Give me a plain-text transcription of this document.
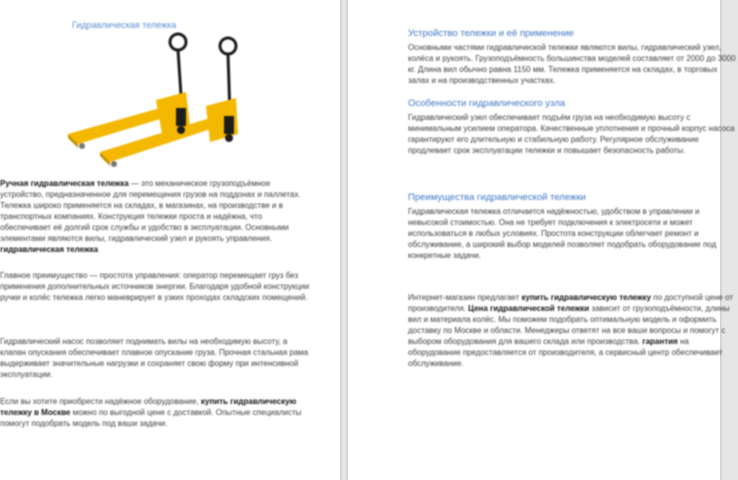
Гидравлическая тележка
Ручная гидравлическая тележка — это механическое грузоподъёмное устройство, предназначенное для перемещения грузов на поддонах и паллетах. Тележка широко применяется на складах, в магазинах, на производстве и в транспортных компаниях. Конструкция тележки проста и надёжна, что обеспечивает её долгий срок службы и удобство в эксплуатации. Основными элементами являются вилы, гидравлический узел и рукоять управления. гидравлическая тележка
Главное преимущество — простота управления: оператор перемещает груз без применения дополнительных источников энергии. Благодаря удобной конструкции ручки и колёс тележка легко маневрирует в узких проходах складских помещений.
Гидравлический насос позволяет поднимать вилы на необходимую высоту, а клапан опускания обеспечивает плавное опускание груза. Прочная стальная рама выдерживает значительные нагрузки и сохраняет свою форму при интенсивной эксплуатации.
Если вы хотите приобрести надёжное оборудование, купить гидравлическую тележку в Москве можно по выгодной цене с доставкой. Опытные специалисты помогут подобрать модель под ваши задачи.
Устройство тележки и её применение
Основными частями гидравлической тележки являются вилы, гидравлический узел, колёса и рукоять. Грузоподъёмность большинства моделей составляет от 2000 до 3000 кг. Длина вил обычно равна 1150 мм. Тележка применяется на складах, в торговых залах и на производственных участках.
Особенности гидравлического узла
Гидравлический узел обеспечивает подъём груза на необходимую высоту с минимальным усилием оператора. Качественные уплотнения и прочный корпус насоса гарантируют его длительную и стабильную работу. Регулярное обслуживание продлевает срок эксплуатации тележки и повышает безопасность работы.
Преимущества гидравлической тележки
Гидравлическая тележка отличается надёжностью, удобством в управлении и невысокой стоимостью. Она не требует подключения к электросети и может использоваться в любых условиях. Простота конструкции облегчает ремонт и обслуживание, а широкий выбор моделей позволяет подобрать оборудование под конкретные задачи.
Интернет-магазин предлагает купить гидравлическую тележку по доступной цене от производителя. Цена гидравлической тележки зависит от грузоподъёмности, длины вил и материала колёс. Мы поможем подобрать оптимальную модель и оформить доставку по Москве и области. Менеджеры ответят на все ваши вопросы и помогут с выбором оборудования для вашего склада или производства. гарантия на оборудование предоставляется от производителя, а сервисный центр обеспечивает обслуживание.
